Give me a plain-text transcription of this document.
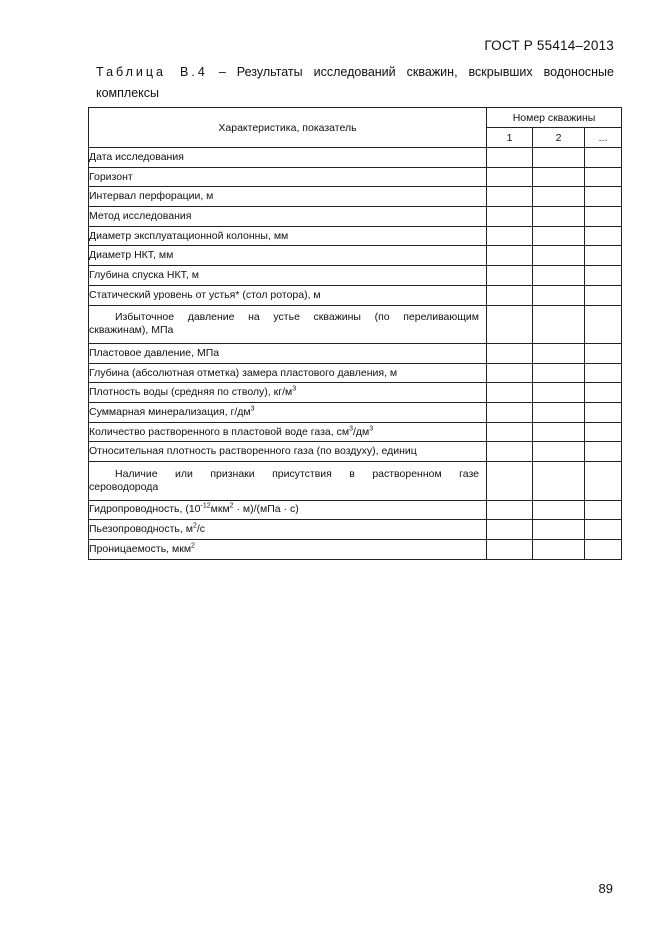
ГОСТ Р 55414–2013
Таблица В.4 – Результаты исследований скважин, вскрывших водоносные
комплексы
Характеристика, показатель	Номер скважины		
	1	2	...
Дата исследования			
Горизонт			
Интервал перфорации, м			
Метод исследования			
Диаметр эксплуатационной колонны, мм			
Диаметр НКТ, мм			
Глубина спуска НКТ, м			
Статический уровень от устья* (стол ротора), м			

Избыточное давление на устье скважины (по переливающим
скважинам), МПа			

Пластовое давление, МПа			
Глубина (абсолютная отметка) замера пластового давления, м			
Плотность воды (средняя по стволу), $кг/м^3$			
Суммарная минерализация, $г/дм^3$			
Количество растворенного в пластовой воде газа, $см^3/дм^3$			
Относительная плотность растворенного газа (по воздуху), единиц			

Наличие или признаки присутствия в растворенном газе
сероводорода			

Гидропроводность, $(10^{-12}мкм^2 \cdot м)/(мПа \cdot с)$			
Пьезопроводность, $м^2/с$			
Проницаемость, мкм$^2$			
89
